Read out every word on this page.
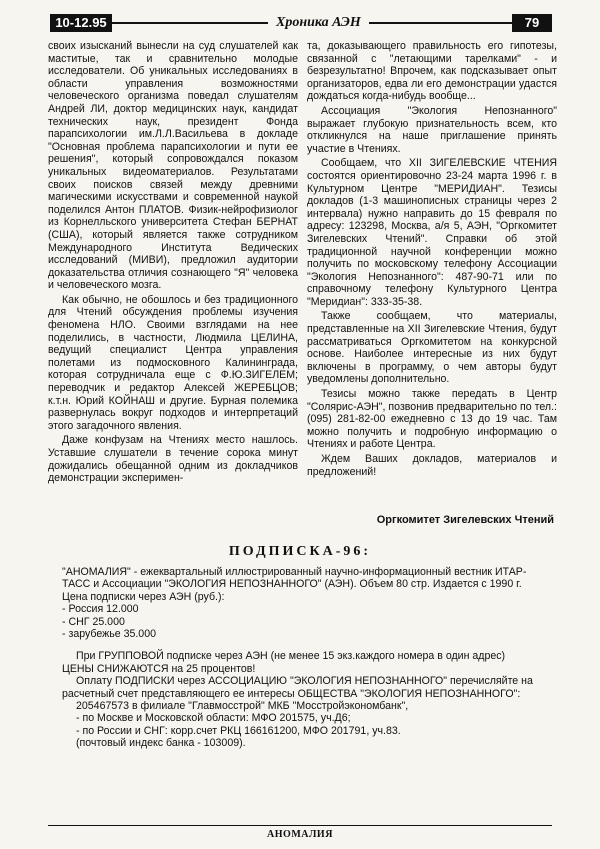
10-12.95	Хроника АЭН	79

своих изысканий вынесли на суд слушателей как маститые, так и сравнительно молодые исследователи. Об уникальных исследованиях в области управления возможностями человеческого организма поведал слушателям Андрей ЛИ, доктор медицинских наук, кандидат технических наук, президент Фонда парапсихологии им.Л.Л.Васильева в докладе "Основная проблема парапсихологии и пути ее решения", который сопровождался показом уникальных видеоматериалов. Результатами своих поисков связей между древними магическими искусствами и современной наукой поделился Антон ПЛАТОВ. Физик-нейрофизиолог из Корнелльского университета Стефан БЕРНАТ (США), который является также сотрудником Международного Института Ведических исследований (МИВИ), предложил аудитории доказательства отличия сознающего "Я" человека и человеческого мозга.

Как обычно, не обошлось и без традиционного для Чтений обсуждения проблемы изучения феномена НЛО. Своими взглядами на нее поделились, в частности, Людмила ЦЕЛИНА, ведущий специалист Центра управления полетами из подмосковного Калининграда, которая сотрудничала еще с Ф.Ю.ЗИГЕЛЕМ; переводчик и редактор Алексей ЖЕРЕБЦОВ; к.т.н. Юрий КОЙНАШ и другие. Бурная полемика развернулась вокруг подходов и интерпретаций этого загадочного явления.

Даже конфузам на Чтениях место нашлось. Уставшие слушатели в течение сорока минут дожидались обещанной одним из докладчиков демонстрации эксперимен-

та, доказывающего правильность его гипотезы, связанной с "летающими тарелками" - и безрезультатно! Впрочем, как подсказывает опыт организаторов, едва ли его демонстрации удастся дождаться когда-нибудь вообще...

Ассоциация "Экология Непознанного" выражает глубокую признательность всем, кто откликнулся на наше приглашение принять участие в Чтениях.

Сообщаем, что XII ЗИГЕЛЕВСКИЕ ЧТЕНИЯ состоятся ориентировочно 23-24 марта 1996 г. в Культурном Центре "МЕРИДИАН". Тезисы докладов (1-3 машинописных страницы через 2 интервала) нужно направить до 15 февраля по адресу: 123298, Москва, а/я 5, АЭН, "Оргкомитет Зигелевских Чтений". Справки об этой традиционной научной конференции можно получить по московскому телефону Ассоциации "Экология Непознанного": 487-90-71 или по справочному телефону Культурного Центра "Меридиан": 333-35-38.

Также сообщаем, что материалы, представленные на XII Зигелевские Чтения, будут рассматриваться Оргкомитетом на конкурсной основе. Наиболее интересные из них будут включены в программу, о чем авторы будут уведомлены дополнительно.

Тезисы можно также передать в Центр "Солярис-АЭН", позвонив предварительно по тел.: (095) 281-82-00 ежедневно с 13 до 19 час. Там можно получить и подробную информацию о Чтениях и работе Центра.

Ждем Ваших докладов, материалов и предложений!

Оргкомитет Зигелевских Чтений
ПОДПИСКА-96:

"АНОМАЛИЯ" - ежеквартальный иллюстрированный научно-информационный вестник ИТАР-ТАСС и Ассоциации "ЭКОЛОГИЯ НЕПОЗНАННОГО" (АЭН). Объем 80 стр. Издается с 1990 г.

Цена подписки через АЭН (руб.):

- Россия 12.000

- СНГ 25.000

- зарубежье 35.000

При ГРУППОВОЙ подписке через АЭН (не менее 15 экз.каждого номера в один адрес)

ЦЕНЫ СНИЖАЮТСЯ на 25 процентов!

Оплату ПОДПИСКИ через АССОЦИАЦИЮ "ЭКОЛОГИЯ НЕПОЗНАННОГО" перечисляйте на расчетный счет представляющего ее интересы ОБЩЕСТВА "ЭКОЛОГИЯ НЕПОЗНАННОГО":

205467573 в филиале "Главмосстрой" МКБ "Мосстройэкономбанк",

- по Москве и Московской области: МФО 201575, уч.Д6;

- по России и СНГ: корр.счет РКЦ 166161200, МФО 201791, уч.83.

(почтовый индекс банка - 103009).

АНОМАЛИЯ
